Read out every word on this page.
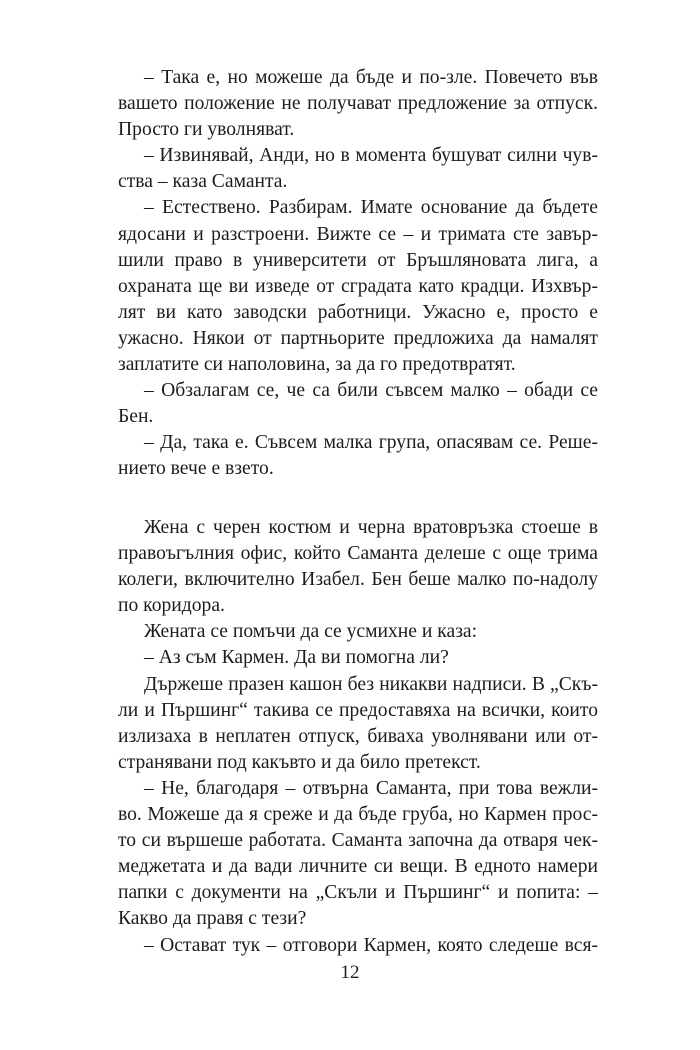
– Така е, но можеше да бъде и по-зле. Повечето във
вашето положение не получават предложение за отпуск.
Просто ги уволняват.
– Извинявай, Анди, но в момента бушуват силни чув-
ства – каза Саманта.
– Естествено. Разбирам. Имате основание да бъдете
ядосани и разстроени. Вижте се – и тримата сте завър-
шили право в университети от Бръшляновата лига, а
охраната ще ви изведе от сградата като крадци. Изхвър-
лят ви като заводски работници. Ужасно е, просто е
ужасно. Някои от партньорите предложиха да намалят
заплатите си наполовина, за да го предотвратят.
– Обзалагам се, че са били съвсем малко – обади се
Бен.
– Да, така е. Съвсем малка група, опасявам се. Реше-
нието вече е взето.
Жена с черен костюм и черна вратовръзка стоеше в
правоъгълния офис, който Саманта делеше с още трима
колеги, включително Изабел. Бен беше малко по-надолу
по коридора.
Жената се помъчи да се усмихне и каза:
– Аз съм Кармен. Да ви помогна ли?
Държеше празен кашон без никакви надписи. В „Скъ-
ли и Пършинг“ такива се предоставяха на всички, които
излизаха в неплатен отпуск, биваха уволнявани или от-
странявани под какъвто и да било претекст.
– Не, благодаря – отвърна Саманта, при това вежли-
во. Можеше да я среже и да бъде груба, но Кармен прос-
то си вършеше работата. Саманта започна да отваря чек-
меджетата и да вади личните си вещи. В едното намери
папки с документи на „Скъли и Пършинг“ и попита: –
Какво да правя с тези?
– Остават тук – отговори Кармен, която следеше вся-
12
